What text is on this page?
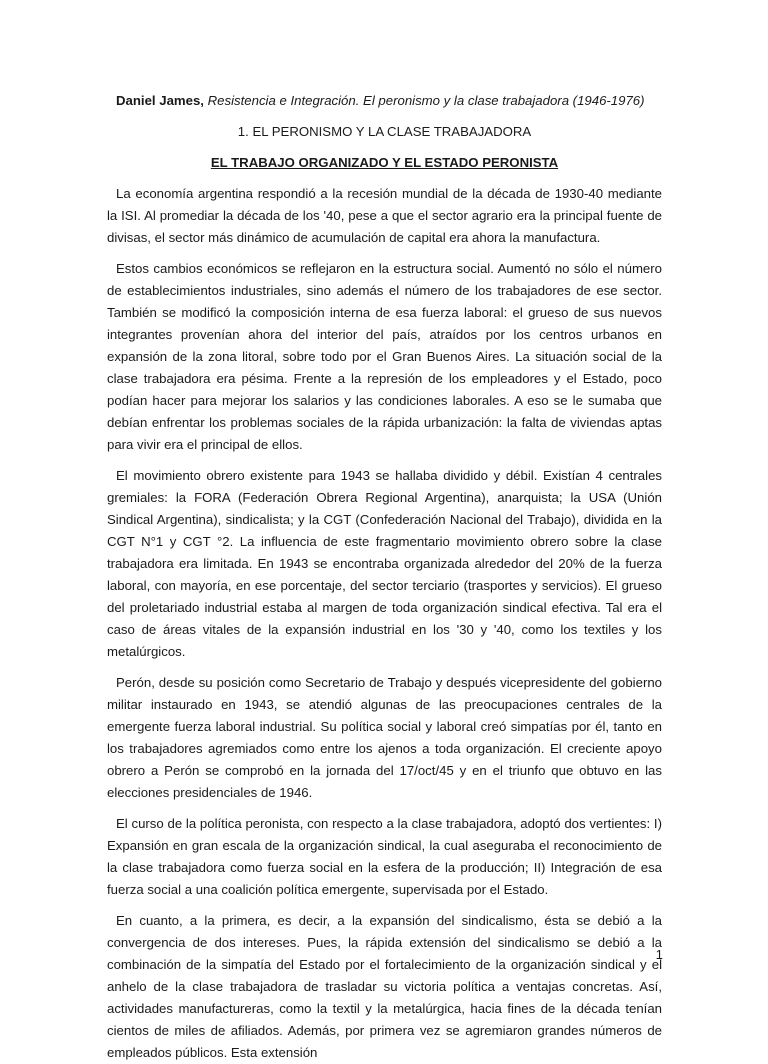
Daniel James, Resistencia e Integración. El peronismo y la clase trabajadora (1946-1976)

1. EL PERONISMO Y LA CLASE TRABAJADORA

EL TRABAJO ORGANIZADO Y EL ESTADO PERONISTA

La economía argentina respondió a la recesión mundial de la década de 1930-40 mediante la ISI. Al promediar la década de los '40, pese a que el sector agrario era la principal fuente de divisas, el sector más dinámico de acumulación de capital era ahora la manufactura.

Estos cambios económicos se reflejaron en la estructura social. Aumentó no sólo el número de establecimientos industriales, sino además el número de los trabajadores de ese sector. También se modificó la composición interna de esa fuerza laboral: el grueso de sus nuevos integrantes provenían ahora del interior del país, atraídos por los centros urbanos en expansión de la zona litoral, sobre todo por el Gran Buenos Aires. La situación social de la clase trabajadora era pésima. Frente a la represión de los empleadores y el Estado, poco podían hacer para mejorar los salarios y las condiciones laborales. A eso se le sumaba que debían enfrentar los problemas sociales de la rápida urbanización: la falta de viviendas aptas para vivir era el principal de ellos.

El movimiento obrero existente para 1943 se hallaba dividido y débil. Existían 4 centrales gremiales: la FORA (Federación Obrera Regional Argentina), anarquista; la USA (Unión Sindical Argentina), sindicalista; y la CGT (Confederación Nacional del Trabajo), dividida en la CGT N°1 y CGT °2. La influencia de este fragmentario movimiento obrero sobre la clase trabajadora era limitada. En 1943 se encontraba organizada alrededor del 20% de la fuerza laboral, con mayoría, en ese porcentaje, del sector terciario (trasportes y servicios). El grueso del proletariado industrial estaba al margen de toda organización sindical efectiva. Tal era el caso de áreas vitales de la expansión industrial en los '30 y '40, como los textiles y los metalúrgicos.

Perón, desde su posición como Secretario de Trabajo y después vicepresidente del gobierno militar instaurado en 1943, se atendió algunas de las preocupaciones centrales de la emergente fuerza laboral industrial. Su política social y laboral creó simpatías por él, tanto en los trabajadores agremiados como entre los ajenos a toda organización. El creciente apoyo obrero a Perón se comprobó en la jornada del 17/oct/45 y en el triunfo que obtuvo en las elecciones presidenciales de 1946.

El curso de la política peronista, con respecto a la clase trabajadora, adoptó dos vertientes: I) Expansión en gran escala de la organización sindical, la cual aseguraba el reconocimiento de la clase trabajadora como fuerza social en la esfera de la producción; II) Integración de esa fuerza social a una coalición política emergente, supervisada por el Estado.

En cuanto, a la primera, es decir, a la expansión del sindicalismo, ésta se debió a la convergencia de dos intereses. Pues, la rápida extensión del sindicalismo se debió a la combinación de la simpatía del Estado por el fortalecimiento de la organización sindical y el anhelo de la clase trabajadora de trasladar su victoria política a ventajas concretas. Así, actividades manufactureras, como la textil y la metalúrgica, hacia fines de la década tenían cientos de miles de afiliados. Además, por primera vez se agremiaron grandes números de empleados públicos. Esta extensión

1
